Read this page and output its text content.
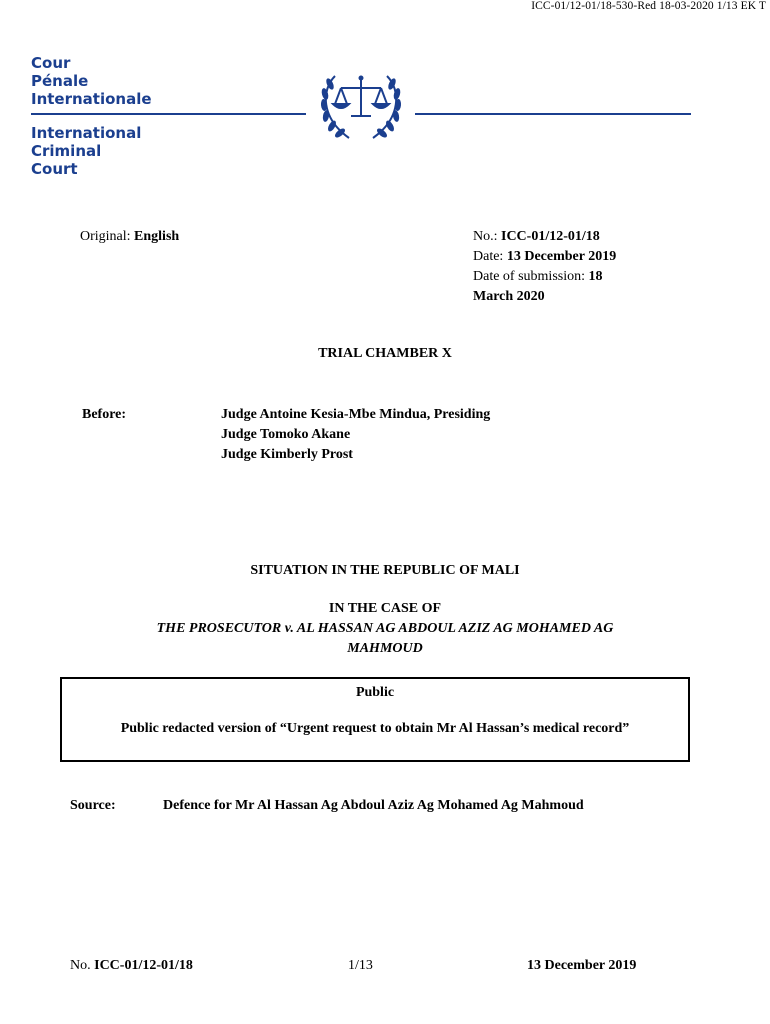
ICC-01/12-01/18-530-Red 18-03-2020 1/13 EK T
Cour
Pénale
Internationale
International
Criminal
Court
Original: English	No.: ICC-01/12-01/18
Date: 13 December 2019
Date of submission: 18
March 2020
TRIAL CHAMBER X
Before:	Judge Antoine Kesia-Mbe Mindua, Presiding
Judge Tomoko Akane
Judge Kimberly Prost
SITUATION IN THE REPUBLIC OF MALI
IN THE CASE OF
THE PROSECUTOR v. AL HASSAN AG ABDOUL AZIZ AG MOHAMED AG
MAHMOUD
Public
Public redacted version of “Urgent request to obtain Mr Al Hassan’s medical record”
Source:	Defence for Mr Al Hassan Ag Abdoul Aziz Ag Mohamed Ag Mahmoud
No. ICC-01/12-01/18	1/13	13 December 2019
